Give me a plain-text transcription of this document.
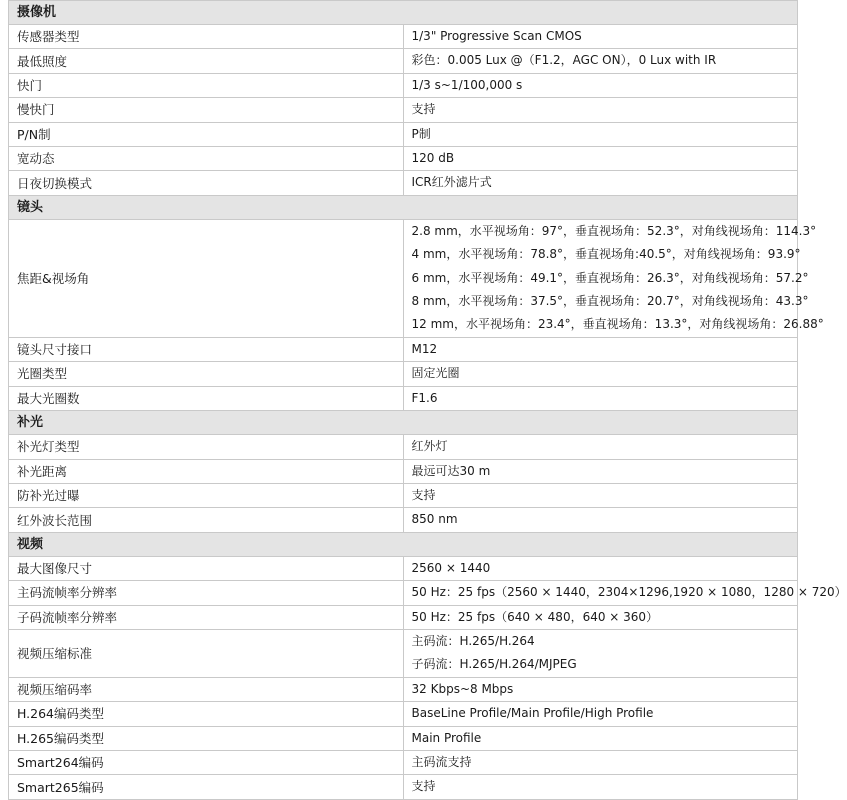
摄像机	
传感器类型	1/3" Progressive Scan CMOS

最低照度	彩色：0.005 Lux @（F1.2，AGC ON），0 Lux with IR

快门	1/3 s~1/100,000 s

慢快门	支持

P/N制	P制

宽动态	120 dB

日夜切换模式	ICR红外滤片式

镜头	
焦距&视场角	2.8 mm，水平视场角：97°，垂直视场角：52.3°，对角线视场角：114.3°
4 mm，水平视场角：78.8°，垂直视场角:40.5°，对角线视场角：93.9°
6 mm，水平视场角：49.1°，垂直视场角：26.3°，对角线视场角：57.2°
8 mm，水平视场角：37.5°，垂直视场角：20.7°，对角线视场角：43.3°
12 mm，水平视场角：23.4°，垂直视场角：13.3°，对角线视场角：26.88°

镜头尺寸接口	M12

光圈类型	固定光圈

最大光圈数	F1.6

补光	
补光灯类型	红外灯

补光距离	最远可达30 m

防补光过曝	支持

红外波长范围	850 nm

视频	
最大图像尺寸	2560 × 1440

主码流帧率分辨率	50 Hz：25 fps（2560 × 1440，2304×1296,1920 × 1080，1280 × 720）

子码流帧率分辨率	50 Hz：25 fps（640 × 480，640 × 360）

视频压缩标准	主码流：H.265/H.264
子码流：H.265/H.264/MJPEG

视频压缩码率	32 Kbps~8 Mbps

H.264编码类型	BaseLine Profile/Main Profile/High Profile

H.265编码类型	Main Profile

Smart264编码	主码流支持

Smart265编码	支持
